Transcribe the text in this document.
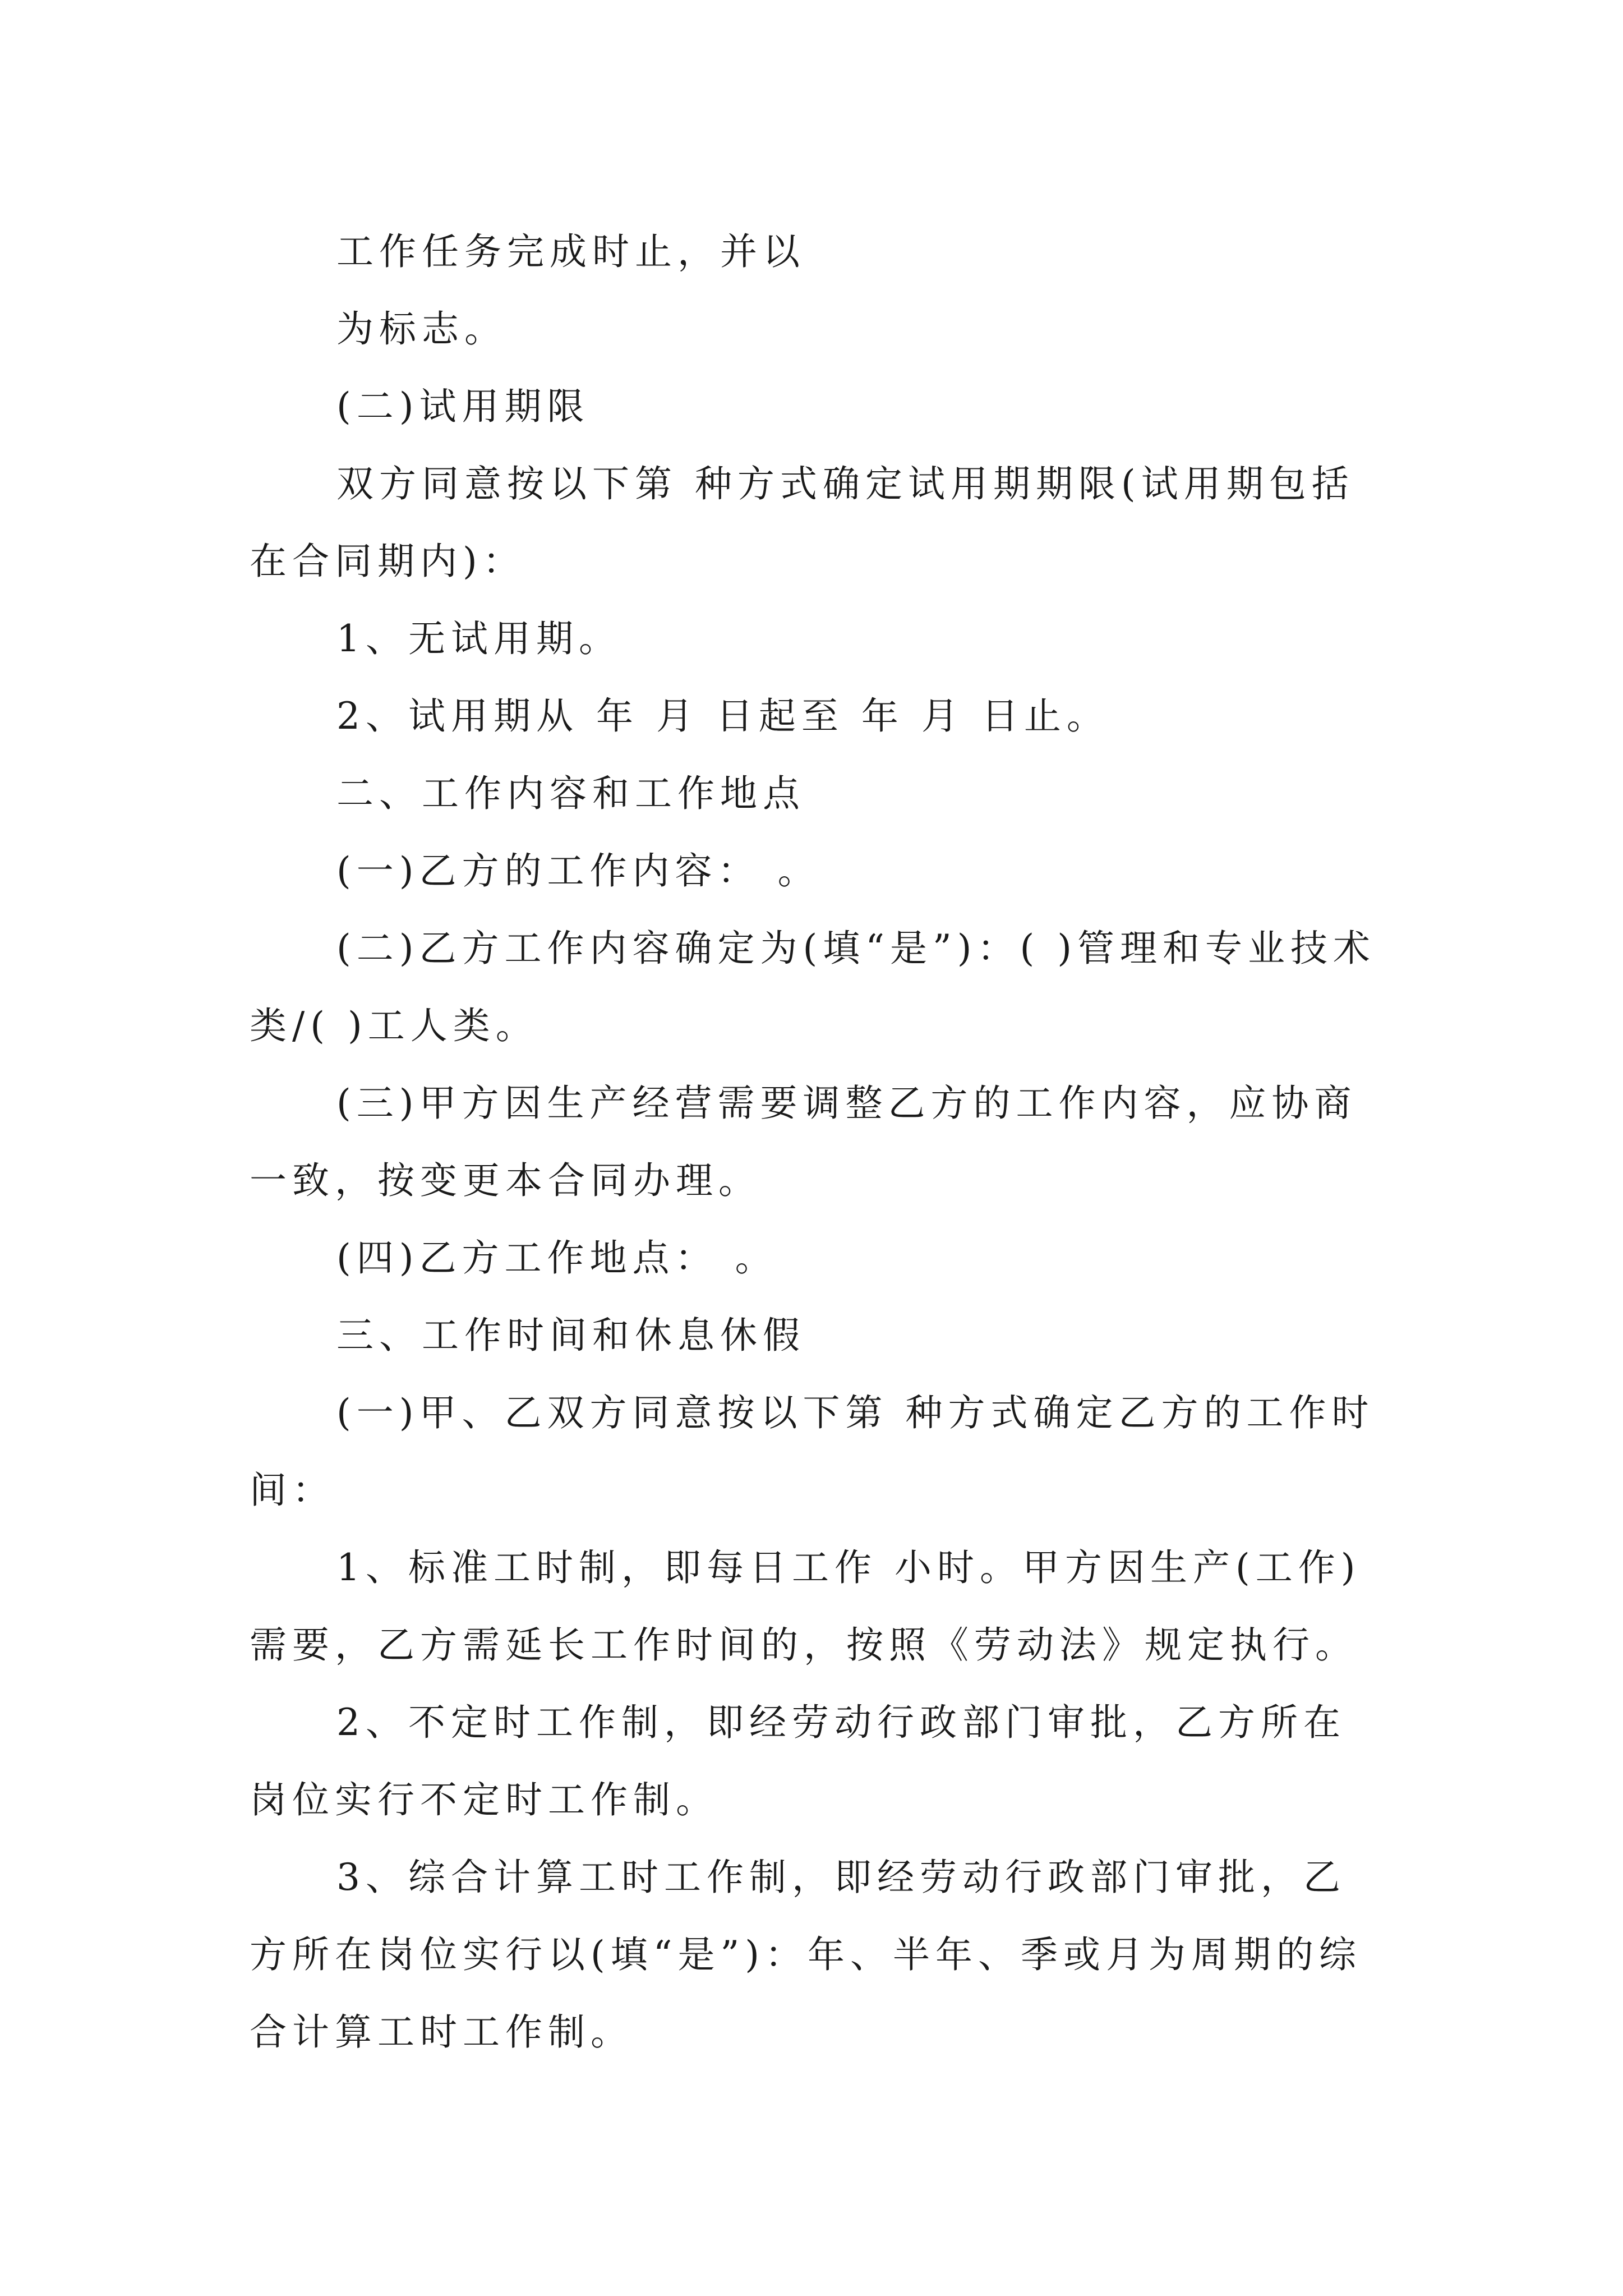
工作任务完成时止，并以

为标志。

(二)试用期限

双方同意按以下第 种方式确定试用期期限(试用期包括在合同期内)：

1、无试用期。

2、试用期从 年 月 日起至 年 月 日止。

二、工作内容和工作地点

(一)乙方的工作内容： 。

(二)乙方工作内容确定为(填“是”)：( )管理和专业技术类/( )工人类。

(三)甲方因生产经营需要调整乙方的工作内容，应协商一致，按变更本合同办理。

(四)乙方工作地点： 。

三、工作时间和休息休假

(一)甲、乙双方同意按以下第 种方式确定乙方的工作时间：

1、标准工时制，即每日工作 小时。甲方因生产(工作)需要，乙方需延长工作时间的，按照《劳动法》规定执行。

2、不定时工作制，即经劳动行政部门审批，乙方所在岗位实行不定时工作制。

3、综合计算工时工作制，即经劳动行政部门审批，乙方所在岗位实行以(填“是”)：年、半年、季或月为周期的综合计算工时工作制。
